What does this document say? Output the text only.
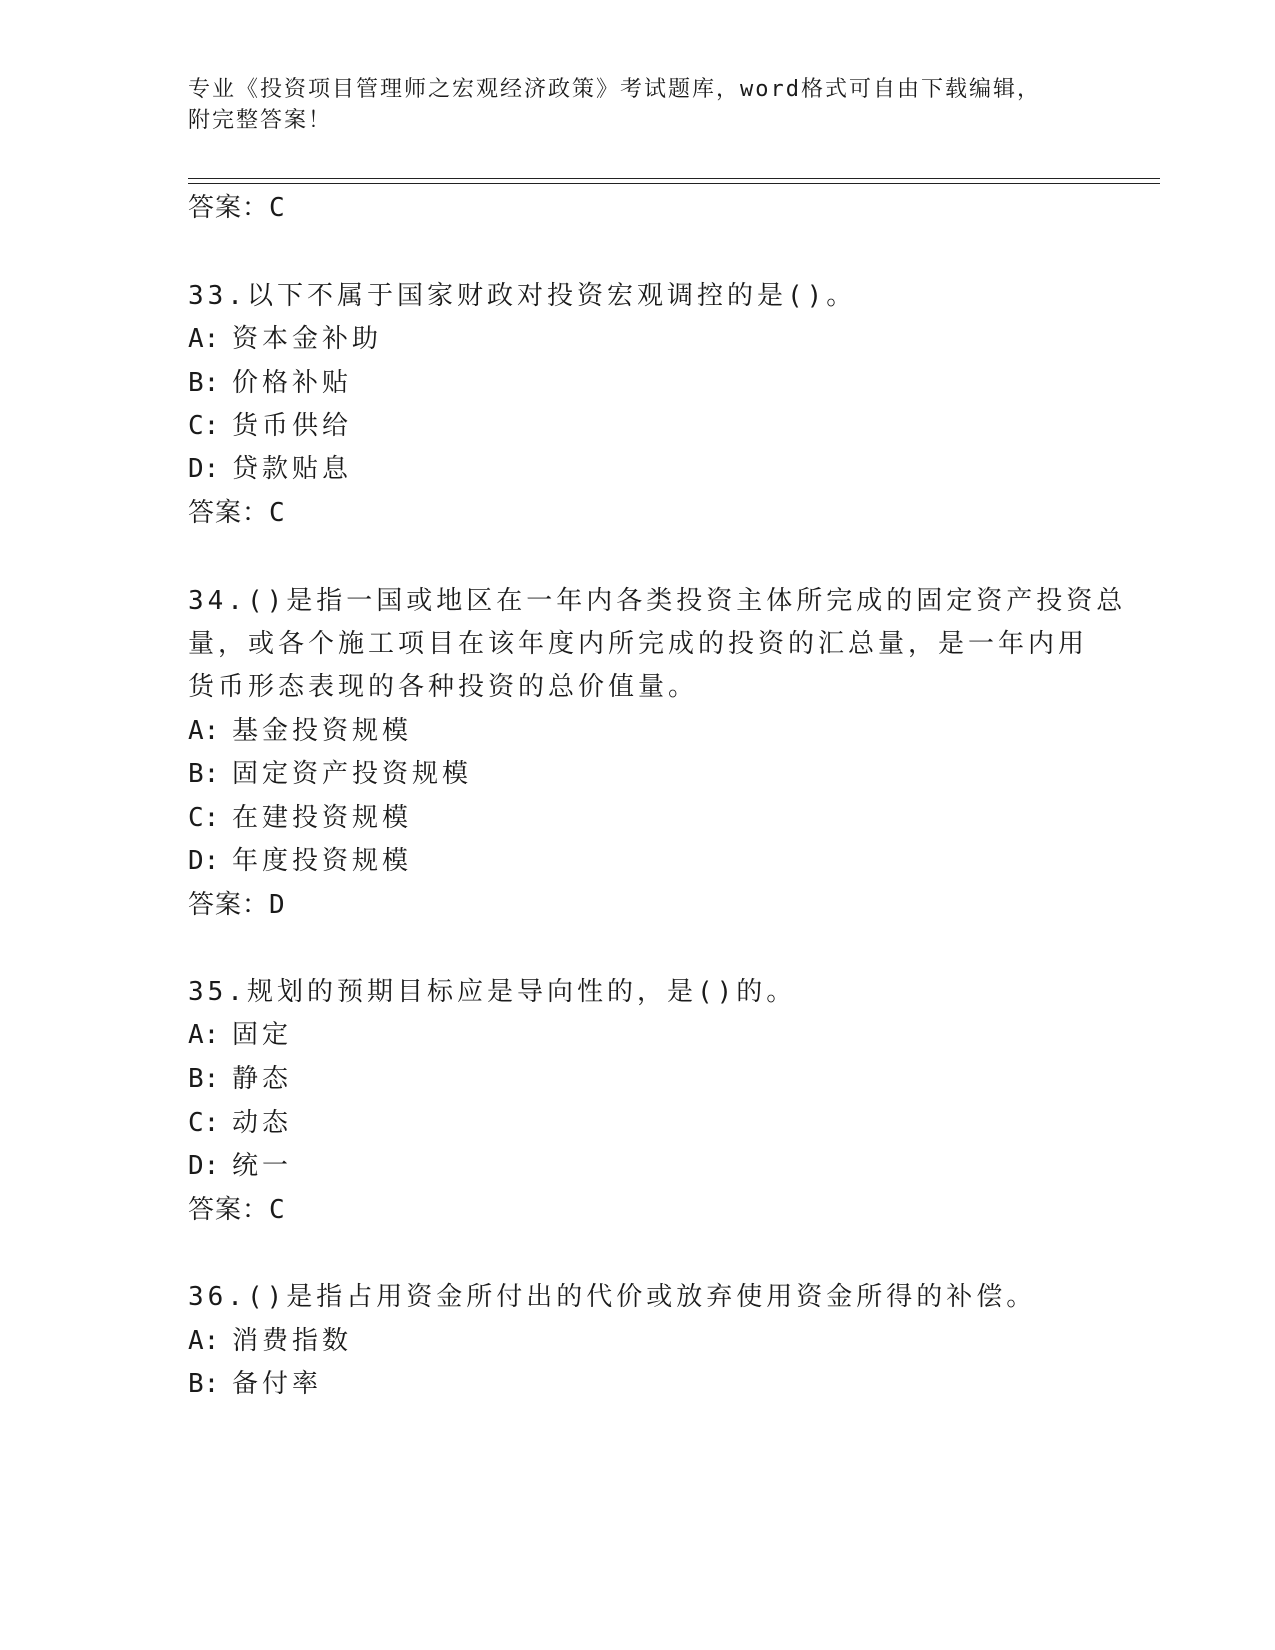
专业《投资项目管理师之宏观经济政策》考试题库，word格式可自由下载编辑，
附完整答案！
答案：C
33.以下不属于国家财政对投资宏观调控的是()。
A: 资本金补助
B: 价格补贴
C: 货币供给
D: 贷款贴息
答案：C
34.()是指一国或地区在一年内各类投资主体所完成的固定资产投资总
量，或各个施工项目在该年度内所完成的投资的汇总量，是一年内用
货币形态表现的各种投资的总价值量。
A: 基金投资规模
B: 固定资产投资规模
C: 在建投资规模
D: 年度投资规模
答案：D
35.规划的预期目标应是导向性的，是()的。
A: 固定
B: 静态
C: 动态
D: 统一
答案：C
36.()是指占用资金所付出的代价或放弃使用资金所得的补偿。
A: 消费指数
B: 备付率
